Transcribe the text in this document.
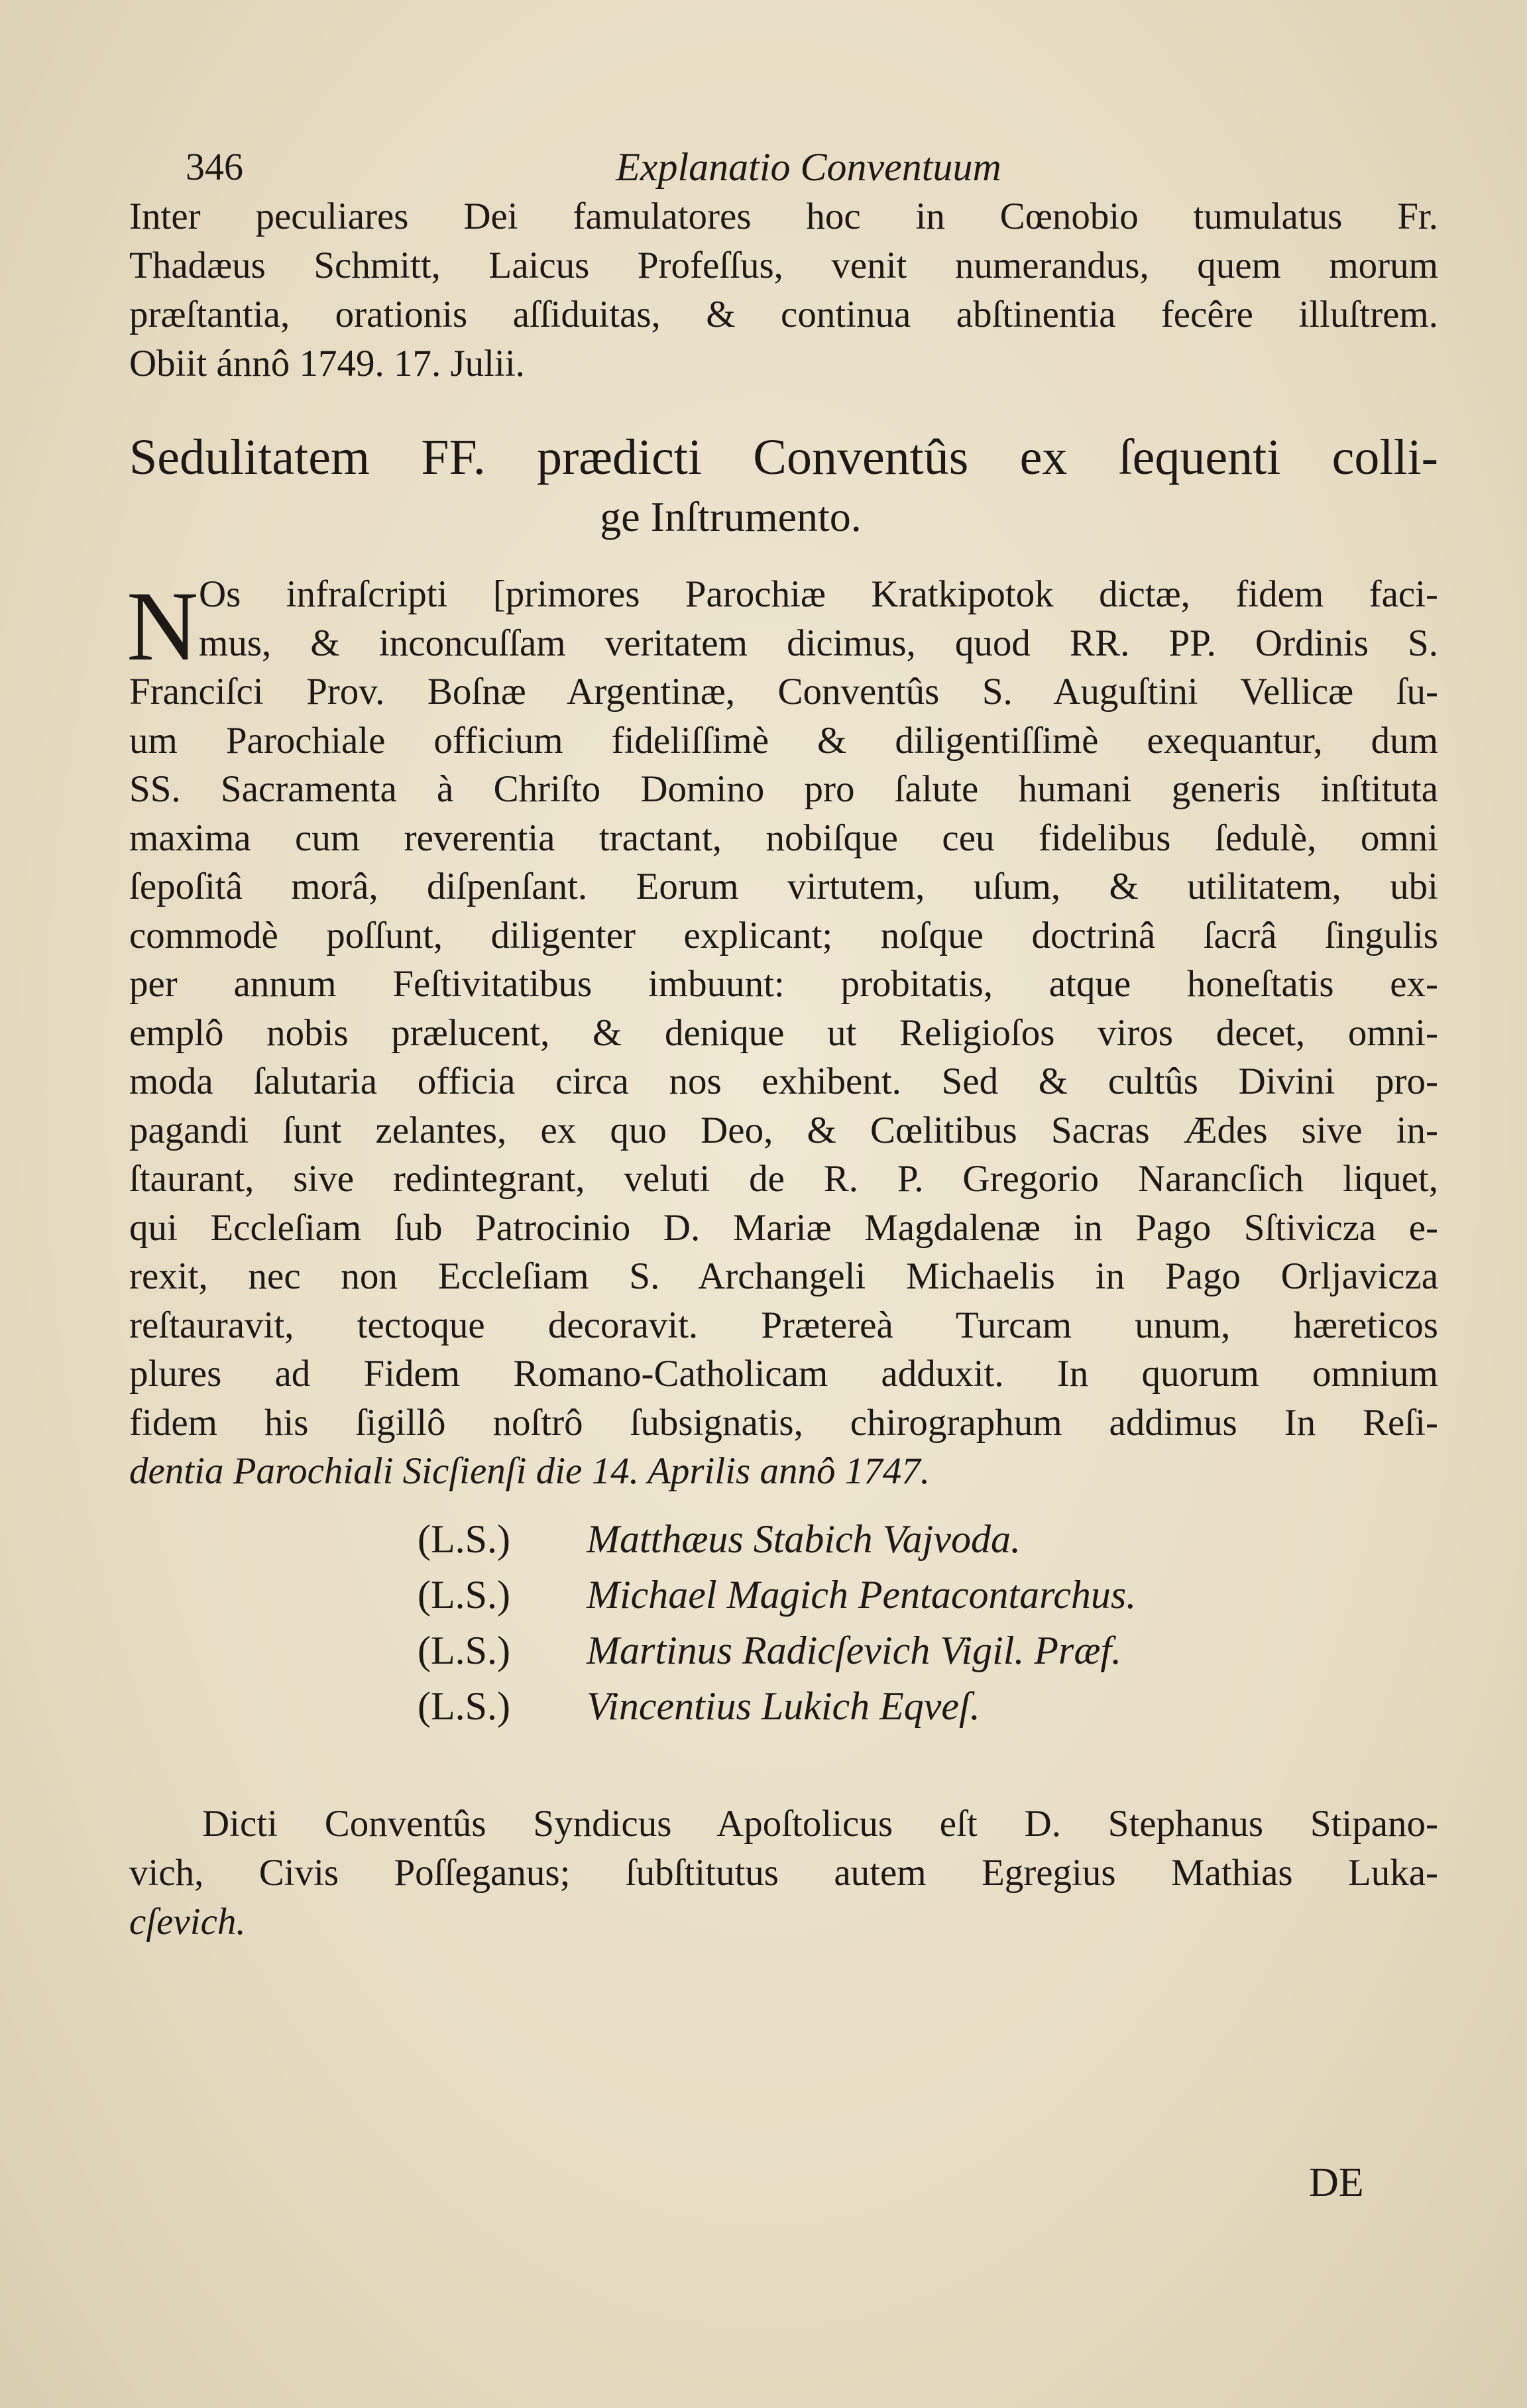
346	Explanatio Conventuum
Inter peculiares Dei famulatores hoc in Cœnobio tumulatus Fr.
Thadæus Schmitt, Laicus Profeſſus, venit numerandus, quem morum
præſtantia, orationis aſſiduitas, & continua abſtinentia fecêre illuſtrem.
Obiit ánnô 1749. 17. Julii.
Sedulitatem FF. prædicti Conventûs ex ſequenti colli-
ge Inſtrumento.
N Os infraſcripti [primores Parochiæ Kratkipotok dictæ, fidem faci-
mus, & inconcuſſam veritatem dicimus, quod RR. PP. Ordinis S.
Franciſci Prov. Boſnæ Argentinæ, Conventûs S. Auguſtini Vellicæ ſu-
um Parochiale officium fideliſſimè & diligentiſſimè exequantur, dum
SS. Sacramenta à Chriſto Domino pro ſalute humani generis inſtituta
maxima cum reverentia tractant, nobiſque ceu fidelibus ſedulè, omni
ſepoſitâ morâ, diſpenſant. Eorum virtutem, uſum, & utilitatem, ubi
commodè poſſunt, diligenter explicant; noſque doctrinâ ſacrâ ſingulis
per annum Feſtivitatibus imbuunt: probitatis, atque honeſtatis ex-
emplô nobis prælucent, & denique ut Religioſos viros decet, omni-
moda ſalutaria officia circa nos exhibent. Sed & cultûs Divini pro-
pagandi ſunt zelantes, ex quo Deo, & Cœlitibus Sacras Ædes sive in-
ſtaurant, sive redintegrant, veluti de R. P. Gregorio Narancſich liquet,
qui Eccleſiam ſub Patrocinio D. Mariæ Magdalenæ in Pago Sſtivicza e-
rexit, nec non Eccleſiam S. Archangeli Michaelis in Pago Orljavicza
reſtauravit, tectoque decoravit. Prætereà Turcam unum, hæreticos
plures ad Fidem Romano-Catholicam adduxit. In quorum omnium
fidem his ſigillô noſtrô ſubsignatis, chirographum addimus In Reſi-
dentia Parochiali Sicſienſi die 14. Aprilis annô 1747.
(L.S.) Matthæus Stabich Vajvoda.
(L.S.) Michael Magich Pentacontarchus.
(L.S.) Martinus Radicſevich Vigil. Præf.
(L.S.) Vincentius Lukich Eqveſ.
Dicti Conventûs Syndicus Apoſtolicus eſt D. Stephanus Stipano-
vich, Civis Poſſeganus; ſubſtitutus autem Egregius Mathias Luka-
cſevich.
DE
